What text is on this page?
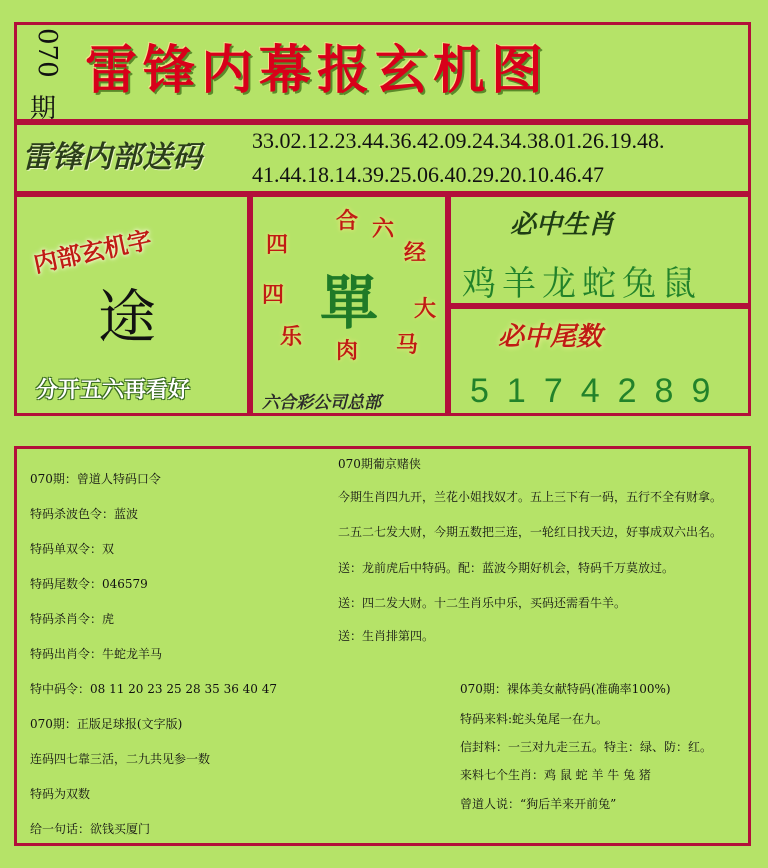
070
期
雷锋内幕报玄机图
雷锋内部送码 33.02.12.23.44.36.42.09.24.34.38.01.26.19.48.
41.44.18.14.39.25.06.40.29.20.10.46.47
内部玄机字
途
分开五六再看好
四
合 六
经
四
大
乐
肉 马
單
六合彩公司总部
必中生肖
鸡羊龙蛇兔鼠
必中尾数
5174289
070期：曾道人特码口令
特码杀波色令：蓝波
特码单双令：双
特码尾数令：046579
特码杀肖令：虎
特码出肖令：牛蛇龙羊马
特中码令：08 11 20 23 25 28 35 36 40 47
070期：正版足球报(文字版)
连码四七靠三活，二九共见参一数
特码为双数
给一句话：欲钱买厦门
070期葡京赌侠
今期生肖四九开，兰花小姐找奴才。五上三下有一码，五行不全有财拿。
二五二七发大财，今期五数把三连，一轮红日找天边，好事成双六出名。
送：龙前虎后中特码。配：蓝波今期好机会，特码千万莫放过。
送：四二发大财。十二生肖乐中乐，买码还需看牛羊。
送：生肖排第四。
070期：裸体美女献特码(准确率100%)
特码来料:蛇头兔尾一在九。
信封料：一三对九走三五。特主：绿、防：红。
来料七个生肖：鸡 鼠 蛇 羊 牛 兔 猪
曾道人说：“狗后羊来开前兔”
